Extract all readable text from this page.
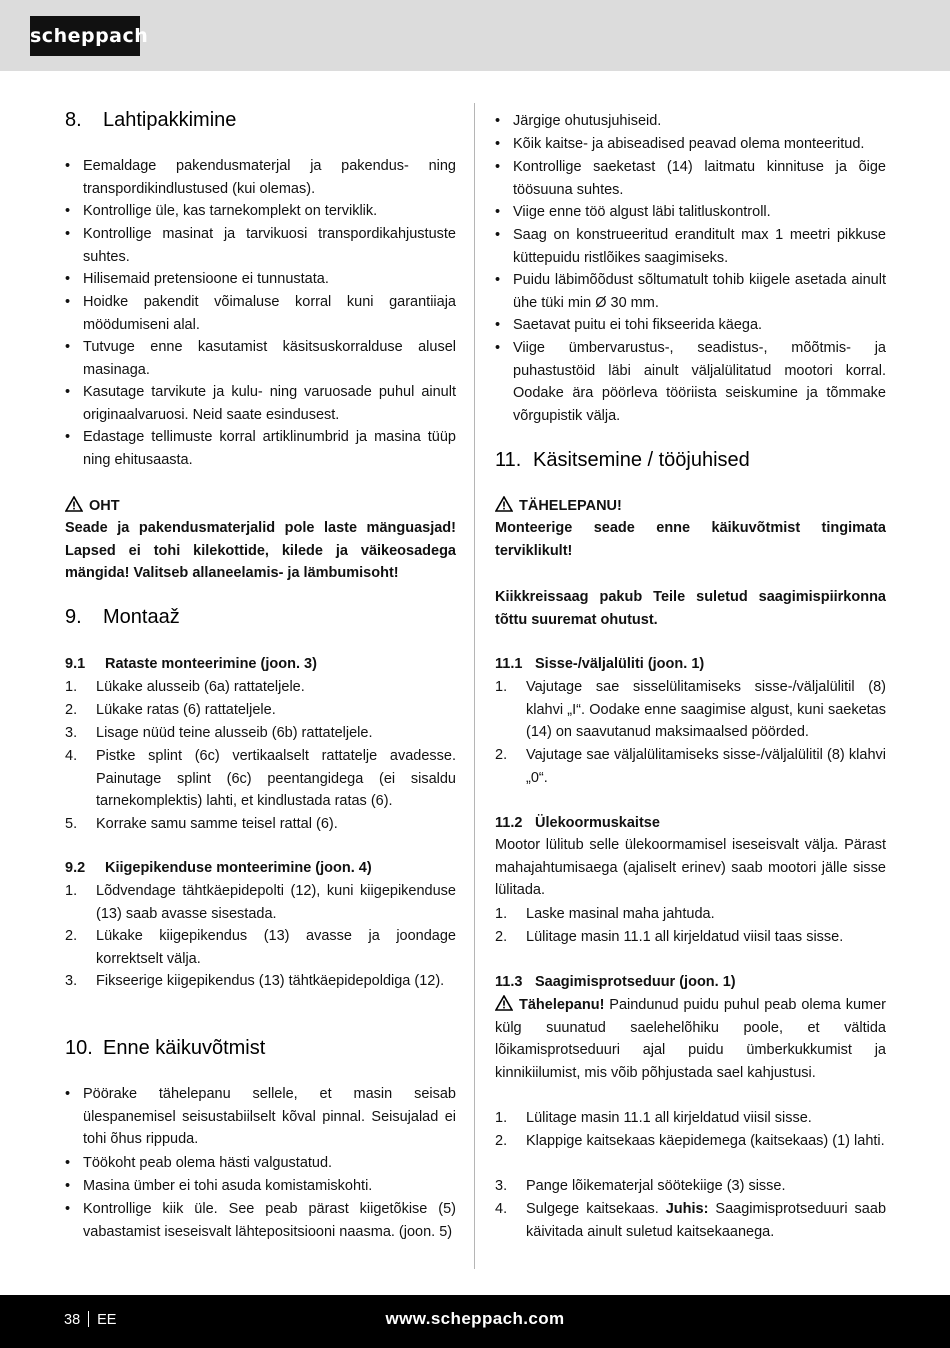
scheppach
8. Lahtipakkimine
• Eemaldage pakendusmaterjal ja pakendus- ning transpordikindlustused (kui olemas).
• Kontrollige üle, kas tarnekomplekt on terviklik.
• Kontrollige masinat ja tarvikuosi transpordikahjustuste suhtes.
• Hilisemaid pretensioone ei tunnustata.
• Hoidke pakendit võimaluse korral kuni garantiiaja möödumiseni alal.
• Tutvuge enne kasutamist käsitsuskorralduse alusel masinaga.
• Kasutage tarvikute ja kulu- ning varuosade puhul ainult originaalvaruosi. Neid saate esindusest.
• Edastage tellimuste korral artiklinumbrid ja masina tüüp ning ehitusaasta.
OHT
Seade ja pakendusmaterjalid pole laste mänguasjad! Lapsed ei tohi kilekottide, kilede ja väikeosadega mängida! Valitseb allaneelamis- ja lämbumisoht!
9. Montaaž
9.1 Rataste monteerimine (joon. 3)
1. Lükake alusseib (6a) rattateljele.
2. Lükake ratas (6) rattateljele.
3. Lisage nüüd teine alusseib (6b) rattateljele.
4. Pistke splint (6c) vertikaalselt rattatelje avadesse. Painutage splint (6c) peentangidega (ei sisaldu tarnekomplektis) lahti, et kindlustada ratas (6).
5. Korrake samu samme teisel rattal (6).
9.2 Kiigepikenduse monteerimine (joon. 4)
1. Lõdvendage tähtkäepidepolti (12), kuni kiigepikenduse (13) saab avasse sisestada.
2. Lükake kiigepikendus (13) avasse ja joondage korrektselt välja.
3. Fikseerige kiigepikendus (13) tähtkäepidepoldiga (12).
10. Enne käikuvõtmist
• Pöörake tähelepanu sellele, et masin seisab ülespanemisel seisustabiilselt kõval pinnal. Seisujalad ei tohi õhus rippuda.
• Töökoht peab olema hästi valgustatud.
• Masina ümber ei tohi asuda komistamiskohti.
• Kontrollige kiik üle. See peab pärast kiigetõkise (5) vabastamist iseseisvalt lähtepositsiooni naasma. (joon. 5)
• Järgige ohutusjuhiseid.
• Kõik kaitse- ja abiseadised peavad olema monteeritud.
• Kontrollige saeketast (14) laitmatu kinnituse ja õige töösuuna suhtes.
• Viige enne töö algust läbi talitluskontroll.
• Saag on konstrueeritud eranditult max 1 meetri pikkuse küttepuidu ristlõikes saagimiseks.
• Puidu läbimõõdust sõltumatult tohib kiigele asetada ainult ühe tüki min Ø 30 mm.
• Saetavat puitu ei tohi fikseerida käega.
• Viige ümbervarustus-, seadistus-, mõõtmis- ja puhastustöid läbi ainult väljalülitatud mootori korral. Oodake ära pöörleva tööriista seiskumine ja tõmmake võrgupistik välja.
11. Käsitsemine / tööjuhised
TÄHELEPANU!
Monteerige seade enne käikuvõtmist tingimata terviklikult!
Kiikkreissaag pakub Teile suletud saagimispiirkonna tõttu suuremat ohutust.
11.1 Sisse-/väljalüliti (joon. 1)
1. Vajutage sae sisselülitamiseks sisse-/väljalülitil (8) klahvi „I“. Oodake enne saagimise algust, kuni saeketas (14) on saavutanud maksimaalsed pöörded.
2. Vajutage sae väljalülitamiseks sisse-/väljalülitil (8) klahvi „0“.
11.2 Ülekoormuskaitse
Mootor lülitub selle ülekoormamisel iseseisvalt välja. Pärast mahajahtumisaega (ajaliselt erinev) saab mootori jälle sisse lülitada.
1. Laske masinal maha jahtuda.
2. Lülitage masin 11.1 all kirjeldatud viisil taas sisse.
11.3 Saagimisprotseduur (joon. 1)
Tähelepanu! Paindunud puidu puhul peab olema kumer külg suunatud saelehelõhiku poole, et vältida lõikamisprotseduuri ajal puidu ümberkukkumist ja kinnikiilumist, mis võib põhjustada sael kahjustusi.
1. Lülitage masin 11.1 all kirjeldatud viisil sisse.
2. Klappige kaitsekaas käepidemega (kaitsekaas) (1) lahti.
3. Pange lõikematerjal söötekiige (3) sisse.
4. Sulgege kaitsekaas. Juhis: Saagimisprotseduuri saab käivitada ainult suletud kaitsekaanega.
38 EE	www.scheppach.com
